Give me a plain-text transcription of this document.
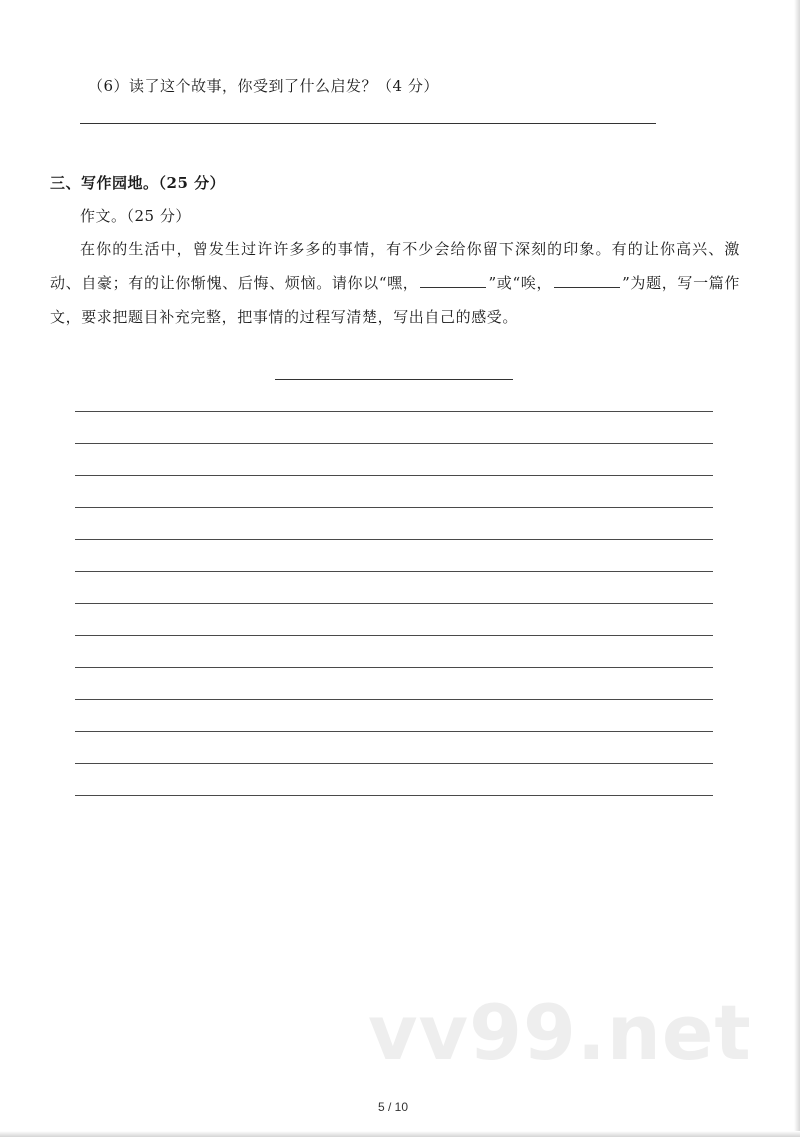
（6）读了这个故事，你受到了什么启发？（4 分）
三、写作园地。（25 分）
作文。（25 分）
在你的生活中，曾发生过许许多多的事情，有不少会给你留下深刻的印象。有的让你高兴、激动、自豪；有的让你惭愧、后悔、烦恼。请你以“嘿，	”或“唉，	”为题，写一篇作文，要求把题目补充完整，把事情的过程写清楚，写出自己的感受。
vv99.net
5 / 10
